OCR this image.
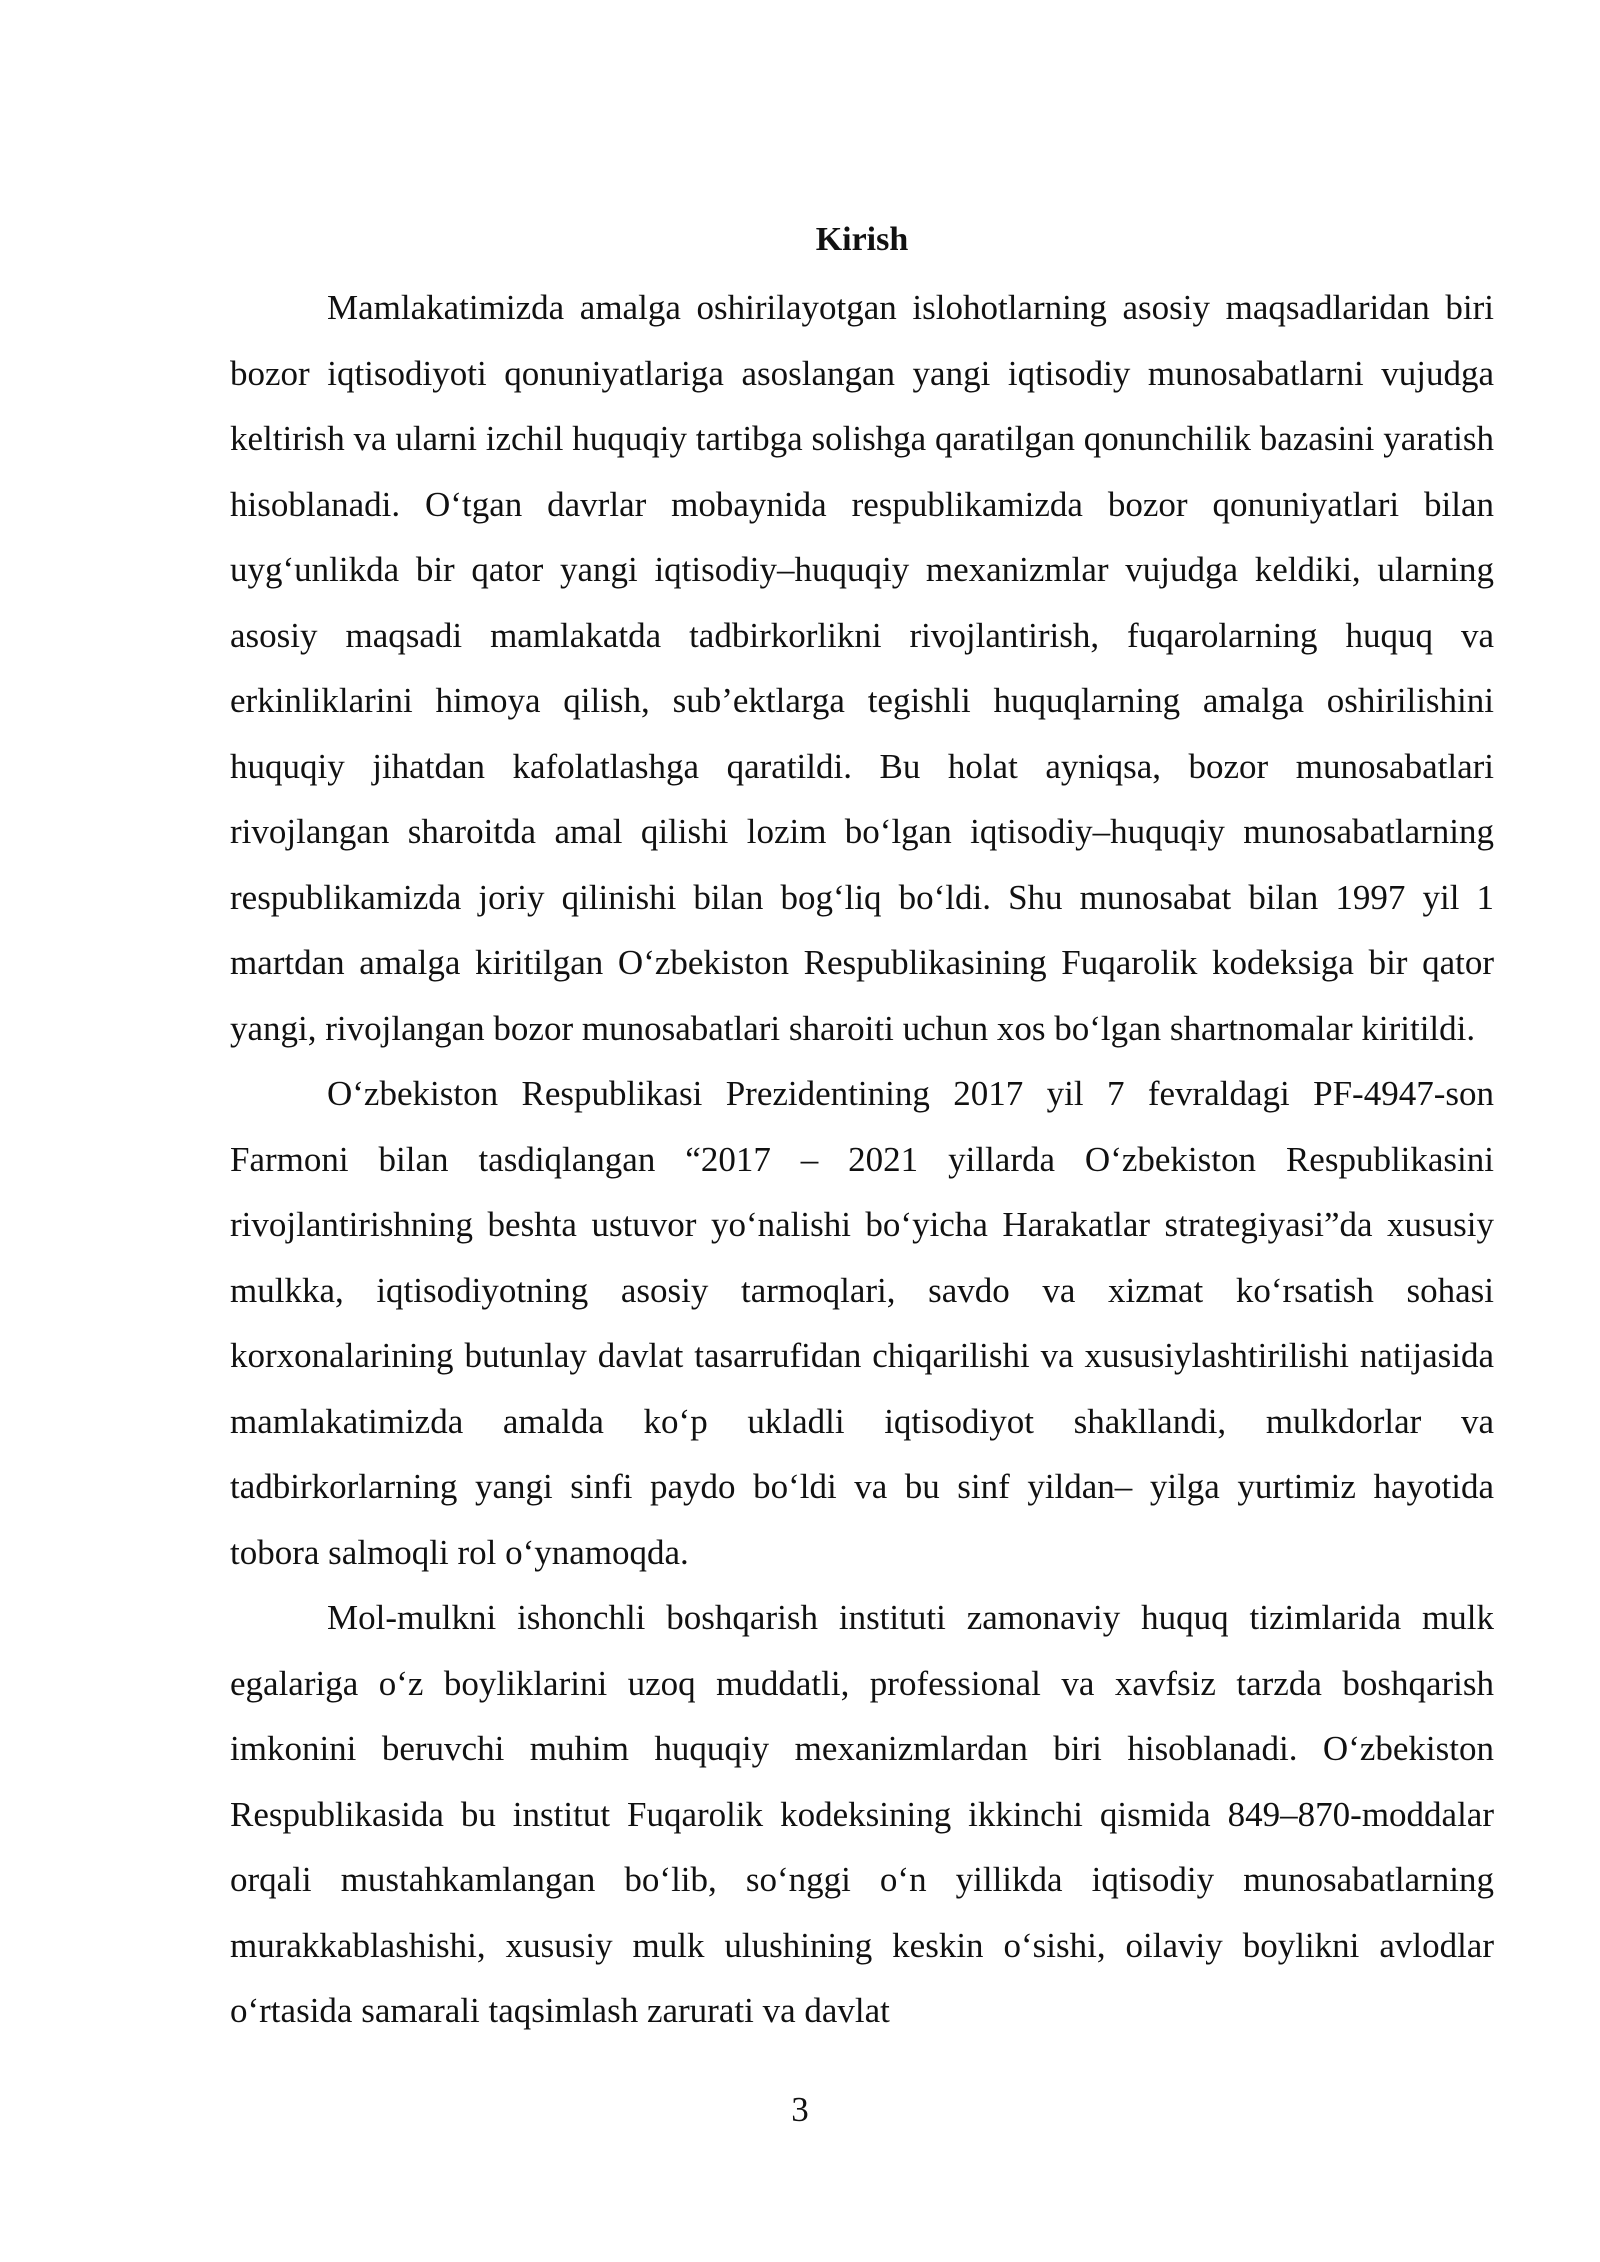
Kirish

Mamlakatimizda amalga oshirilayotgan islohotlarning asosiy maqsadlaridan biri bozor iqtisodiyoti qonuniyatlariga asoslangan yangi iqtisodiy munosabatlarni vujudga keltirish va ularni izchil huquqiy tartibga solishga qaratilgan qonunchilik bazasini yaratish hisoblanadi. O‘tgan davrlar mobaynida respublikamizda bozor qonuniyatlari bilan uyg‘unlikda bir qator yangi iqtisodiy–huquqiy mexanizmlar vujudga keldiki, ularning asosiy maqsadi mamlakatda tadbirkorlikni rivojlantirish, fuqarolarning huquq va erkinliklarini himoya qilish, sub’ektlarga tegishli huquqlarning amalga oshirilishini huquqiy jihatdan kafolatlashga qaratildi. Bu holat ayniqsa, bozor munosabatlari rivojlangan sharoitda amal qilishi lozim bo‘lgan iqtisodiy–huquqiy munosabatlarning respublikamizda joriy qilinishi bilan bog‘liq bo‘ldi. Shu munosabat bilan 1997 yil 1 martdan amalga kiritilgan O‘zbekiston Respublikasining Fuqarolik kodeksiga bir qator yangi, rivojlangan bozor munosabatlari sharoiti uchun xos bo‘lgan shartnomalar kiritildi.

O‘zbekiston Respublikasi Prezidentining 2017 yil 7 fevraldagi PF-4947-son Farmoni bilan tasdiqlangan “2017 – 2021 yillarda O‘zbekiston Respublikasini rivojlantirishning beshta ustuvor yo‘nalishi bo‘yicha Harakatlar strategiyasi”da xususiy mulkka, iqtisodiyotning asosiy tarmoqlari, savdo va xizmat ko‘rsatish sohasi korxonalarining butunlay davlat tasarrufidan chiqarilishi va xususiylashtirilishi natijasida mamlakatimizda amalda ko‘p ukladli iqtisodiyot shakllandi, mulkdorlar va tadbirkorlarning yangi sinfi paydo bo‘ldi va bu sinf yildan– yilga yurtimiz hayotida tobora salmoqli rol o‘ynamoqda.

Mol-mulkni ishonchli boshqarish instituti zamonaviy huquq tizimlarida mulk egalariga o‘z boyliklarini uzoq muddatli, professional va xavfsiz tarzda boshqarish imkonini beruvchi muhim huquqiy mexanizmlardan biri hisoblanadi. O‘zbekiston Respublikasida bu institut Fuqarolik kodeksining ikkinchi qismida 849–870-moddalar orqali mustahkamlangan bo‘lib, so‘nggi o‘n yillikda iqtisodiy munosabatlarning murakkablashishi, xususiy mulk ulushining keskin o‘sishi, oilaviy boylikni avlodlar o‘rtasida samarali taqsimlash zarurati va davlat

3
